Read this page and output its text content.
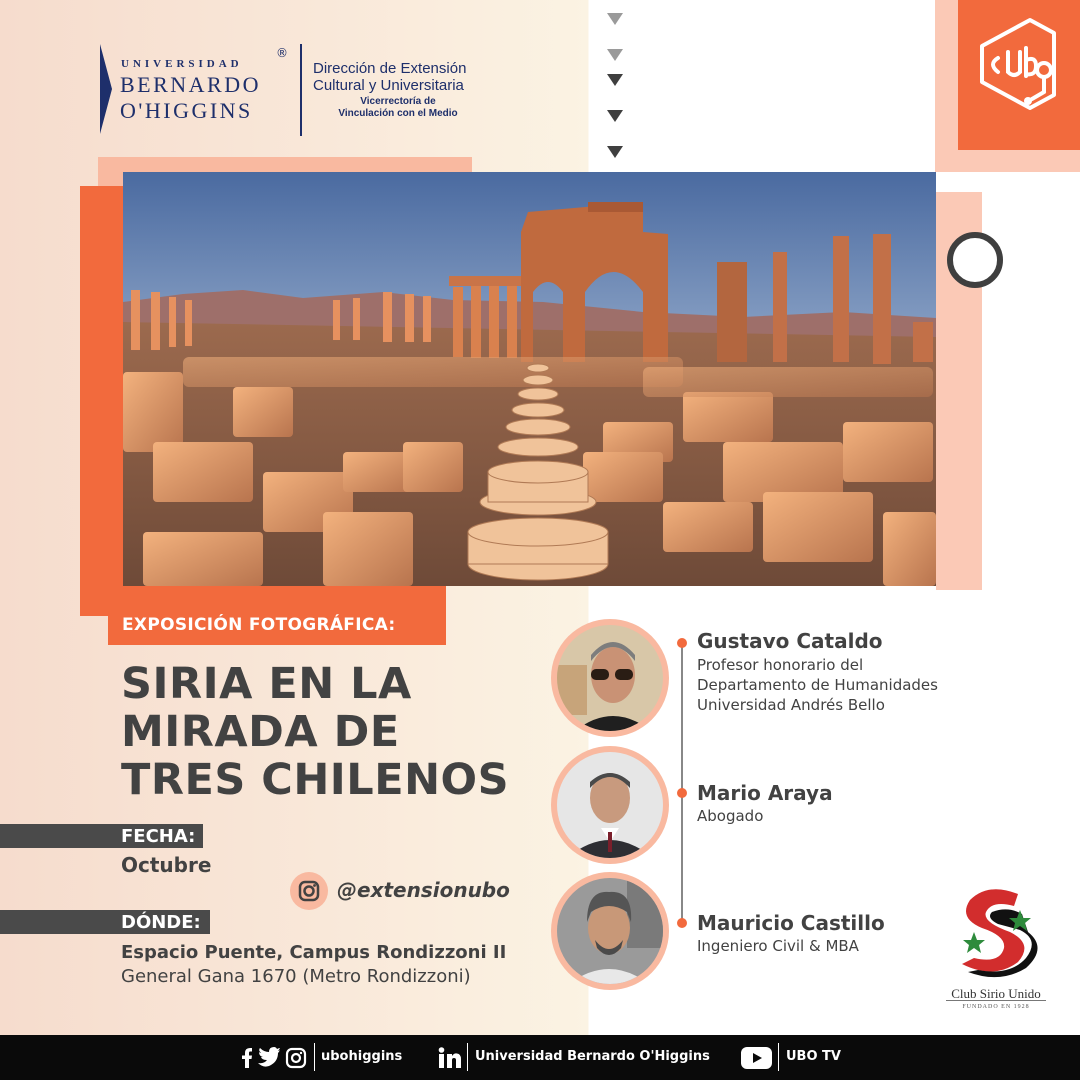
UNIVERSIDAD
BERNARDO
O'HIGGINS
®
Dirección de Extensión
Cultural y Universitaria
Vicerrectoría de
Vinculación con el Medio
EXPOSICIÓN FOTOGRÁFICA:
SIRIA EN LA
MIRADA DE
TRES CHILENOS
FECHA:
Octubre
@extensionubo
DÓNDE:
Espacio Puente, Campus Rondizzoni II
General Gana 1670 (Metro Rondizzoni)
Gustavo Cataldo
Profesor honorario del
Departamento de Humanidades
Universidad Andrés Bello
Mario Araya
Abogado
Mauricio Castillo
Ingeniero Civil & MBA
Club Sirio Unido
FUNDADO EN 1928
ubohiggins	Universidad Bernardo O'Higgins	UBO TV
